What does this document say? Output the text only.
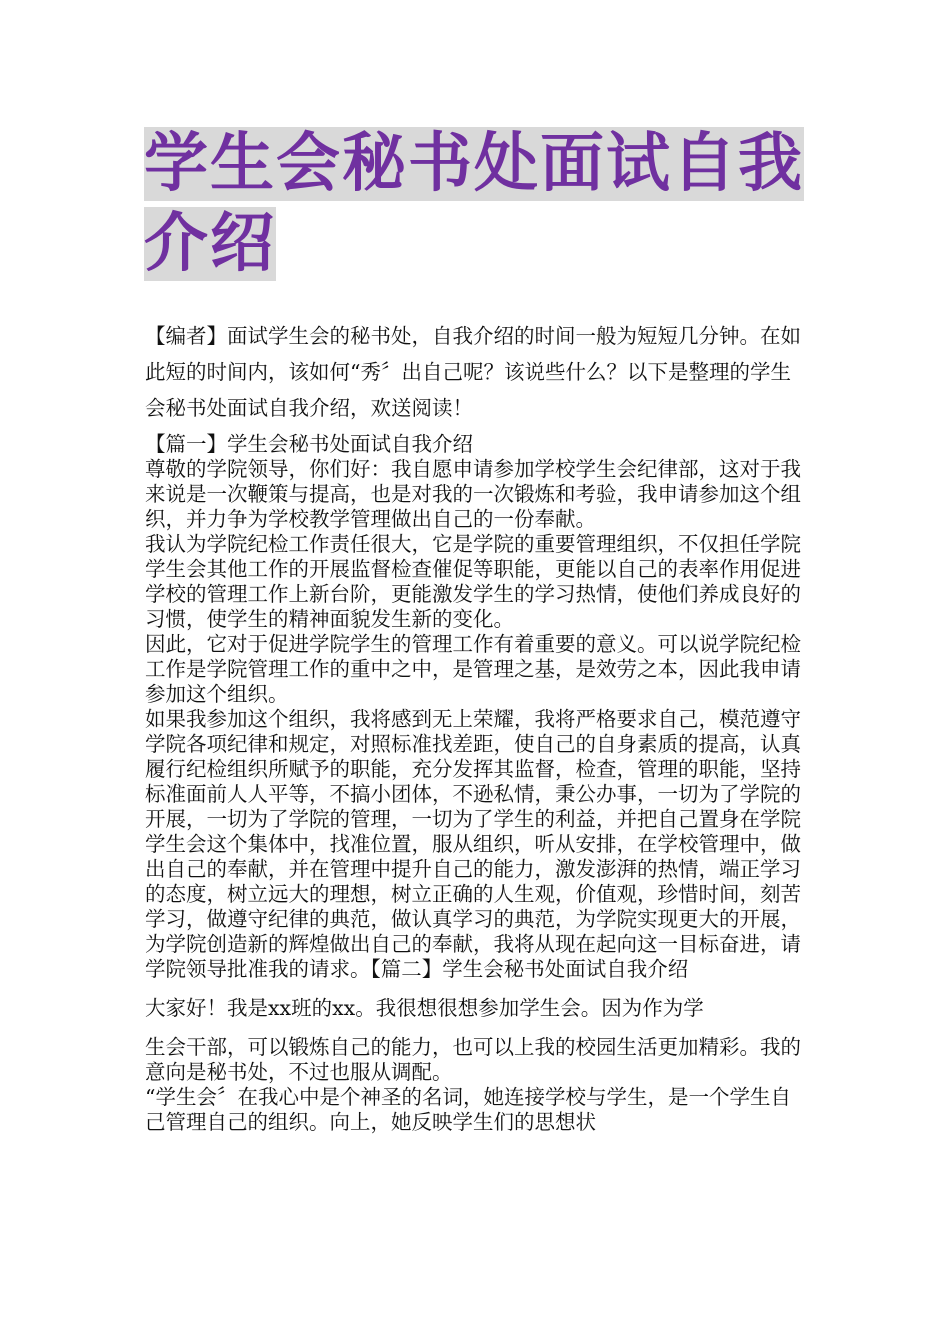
学生会秘书处面试自我介绍

【编者】面试学生会的秘书处，自我介绍的时间一般为短短几分钟。在如此短的时间内，该如何“秀〞出自己呢？该说些什么？以下是整理的学生会秘书处面试自我介绍，欢送阅读！

【篇一】学生会秘书处面试自我介绍

尊敬的学院领导，你们好：我自愿申请参加学校学生会纪律部，这对于我来说是一次鞭策与提高，也是对我的一次锻炼和考验，我申请参加这个组织，并力争为学校教学管理做出自己的一份奉献。

我认为学院纪检工作责任很大，它是学院的重要管理组织，不仅担任学院学生会其他工作的开展监督检查催促等职能，更能以自己的表率作用促进学校的管理工作上新台阶，更能激发学生的学习热情，使他们养成良好的习惯，使学生的精神面貌发生新的变化。

因此，它对于促进学院学生的管理工作有着重要的意义。可以说学院纪检工作是学院管理工作的重中之中，是管理之基，是效劳之本，因此我申请参加这个组织。

如果我参加这个组织，我将感到无上荣耀，我将严格要求自己，模范遵守学院各项纪律和规定，对照标准找差距，使自己的自身素质的提高，认真履行纪检组织所赋予的职能，充分发挥其监督，检查，管理的职能，坚持标准面前人人平等，不搞小团体，不逊私情，秉公办事，一切为了学院的开展，一切为了学院的管理，一切为了学生的利益，并把自己置身在学院学生会这个集体中，找准位置，服从组织，听从安排，在学校管理中，做出自己的奉献，并在管理中提升自己的能力，激发澎湃的热情，端正学习的态度，树立远大的理想，树立正确的人生观，价值观，珍惜时间，刻苦学习，做遵守纪律的典范，做认真学习的典范，为学院实现更大的开展，为学院创造新的辉煌做出自己的奉献，我将从现在起向这一目标奋进，请学院领导批准我的请求。【篇二】学生会秘书处面试自我介绍

大家好！我是xx班的xx。我很想很想参加学生会。因为作为学

生会干部，可以锻炼自己的能力，也可以上我的校园生活更加精彩。我的意向是秘书处，不过也服从调配。

“学生会〞在我心中是个神圣的名词，她连接学校与学生，是一个学生自己管理自己的组织。向上，她反映学生们的思想状
